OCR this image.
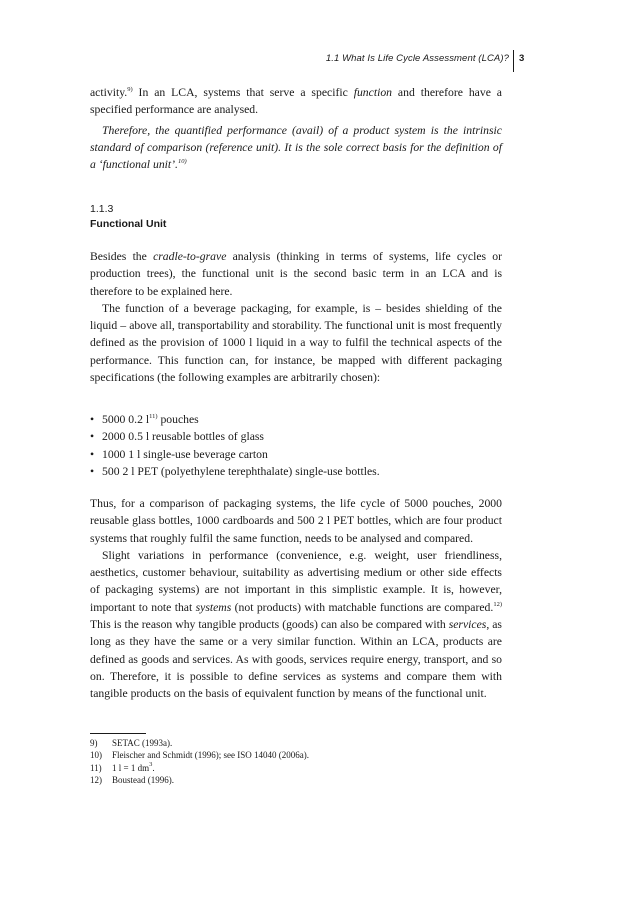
1.1 What Is Life Cycle Assessment (LCA)? 3

activity.$^{9)}$ In an LCA, systems that serve a specific function and therefore have a specified performance are analysed.

Therefore, the quantified performance (avail) of a product system is the intrinsic standard of comparison (reference unit). It is the sole correct basis for the definition of a ‘functional unit’.$^{10)}$

1.1.3
Functional Unit

Besides the cradle-to-grave analysis (thinking in terms of systems, life cycles or production trees), the functional unit is the second basic term in an LCA and is therefore to be explained here.

The function of a beverage packaging, for example, is – besides shielding of the liquid – above all, transportability and storability. The functional unit is most frequently defined as the provision of 1000 l liquid in a way to fulfil the technical aspects of the performance. This function can, for instance, be mapped with different packaging specifications (the following examples are arbitrarily chosen):

• 5000 0.2 $l^{11)}$ pouches
• 2000 0.5 l reusable bottles of glass
• 1000 1 l single-use beverage carton
• 500 2 l PET (polyethylene terephthalate) single-use bottles.

Thus, for a comparison of packaging systems, the life cycle of 5000 pouches, 2000 reusable glass bottles, 1000 cardboards and 500 2 l PET bottles, which are four product systems that roughly fulfil the same function, needs to be analysed and compared.

Slight variations in performance (convenience, e.g. weight, user friendliness, aesthetics, customer behaviour, suitability as advertising medium or other side effects of packaging systems) are not important in this simplistic example. It is, however, important to note that systems (not products) with matchable functions are compared.$^{12)}$ This is the reason why tangible products (goods) can also be compared with services, as long as they have the same or a very similar function. Within an LCA, products are defined as goods and services. As with goods, services require energy, transport, and so on. Therefore, it is possible to define services as systems and compare them with tangible products on the basis of equivalent function by means of the functional unit.

9)	SETAC (1993a).
10)	Fleischer and Schmidt (1996); see ISO 14040 (2006a).
11)	1 l = 1 $dm^3$.
12)	Boustead (1996).
